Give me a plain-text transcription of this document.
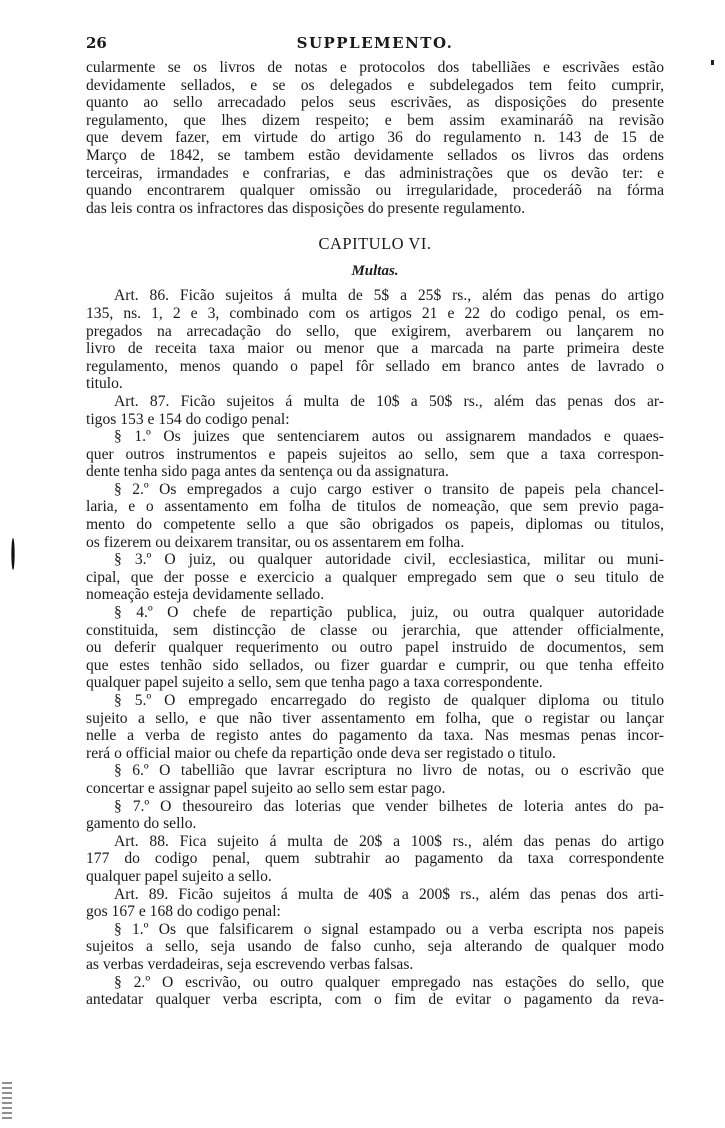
26	SUPPLEMENTO.
cularmente se os livros de notas e protocolos dos tabelliães e escrivães estão
devidamente sellados, e se os delegados e subdelegados tem feito cumprir,
quanto ao sello arrecadado pelos seus escrivães, as disposições do presente
regulamento, que lhes dizem respeito; e bem assim examinaráõ na revisão
que devem fazer, em virtude do artigo 36 do regulamento n. 143 de 15 de
Março de 1842, se tambem estão devidamente sellados os livros das ordens
terceiras, irmandades e confrarias, e das administrações que os devão ter: e
quando encontrarem qualquer omissão ou irregularidade, procederáõ na fórma
das leis contra os infractores das disposições do presente regulamento.
CAPITULO VI.
Multas.
Art. 86. Ficão sujeitos á multa de 5$ a 25$ rs., além das penas do artigo
135, ns. 1, 2 e 3, combinado com os artigos 21 e 22 do codigo penal, os em-
pregados na arrecadação do sello, que exigirem, averbarem ou lançarem no
livro de receita taxa maior ou menor que a marcada na parte primeira deste
regulamento, menos quando o papel fôr sellado em branco antes de lavrado o
titulo.
Art. 87. Ficão sujeitos á multa de 10$ a 50$ rs., além das penas dos ar-
tigos 153 e 154 do codigo penal:
§ 1.º Os juizes que sentenciarem autos ou assignarem mandados e quaes-
quer outros instrumentos e papeis sujeitos ao sello, sem que a taxa correspon-
dente tenha sido paga antes da sentença ou da assignatura.
§ 2.º Os empregados a cujo cargo estiver o transito de papeis pela chancel-
laria, e o assentamento em folha de titulos de nomeação, que sem previo paga-
mento do competente sello a que são obrigados os papeis, diplomas ou titulos,
os fizerem ou deixarem transitar, ou os assentarem em folha.
§ 3.º O juiz, ou qualquer autoridade civil, ecclesiastica, militar ou muni-
cipal, que der posse e exercicio a qualquer empregado sem que o seu titulo de
nomeação esteja devidamente sellado.
§ 4.º O chefe de repartição publica, juiz, ou outra qualquer autoridade
constituida, sem distincção de classe ou jerarchia, que attender officialmente,
ou deferir qualquer requerimento ou outro papel instruido de documentos, sem
que estes tenhão sido sellados, ou fizer guardar e cumprir, ou que tenha effeito
qualquer papel sujeito a sello, sem que tenha pago a taxa correspondente.
§ 5.º O empregado encarregado do registo de qualquer diploma ou titulo
sujeito a sello, e que não tiver assentamento em folha, que o registar ou lançar
nelle a verba de registo antes do pagamento da taxa. Nas mesmas penas incor-
rerá o official maior ou chefe da repartição onde deva ser registado o titulo.
§ 6.º O tabellião que lavrar escriptura no livro de notas, ou o escrivão que
concertar e assignar papel sujeito ao sello sem estar pago.
§ 7.º O thesoureiro das loterias que vender bilhetes de loteria antes do pa-
gamento do sello.
Art. 88. Fica sujeito á multa de 20$ a 100$ rs., além das penas do artigo
177 do codigo penal, quem subtrahir ao pagamento da taxa correspondente
qualquer papel sujeito a sello.
Art. 89. Ficão sujeitos á multa de 40$ a 200$ rs., além das penas dos arti-
gos 167 e 168 do codigo penal:
§ 1.º Os que falsificarem o signal estampado ou a verba escripta nos papeis
sujeitos a sello, seja usando de falso cunho, seja alterando de qualquer modo
as verbas verdadeiras, seja escrevendo verbas falsas.
§ 2.º O escrivão, ou outro qualquer empregado nas estações do sello, que
antedatar qualquer verba escripta, com o fim de evitar o pagamento da reva-
